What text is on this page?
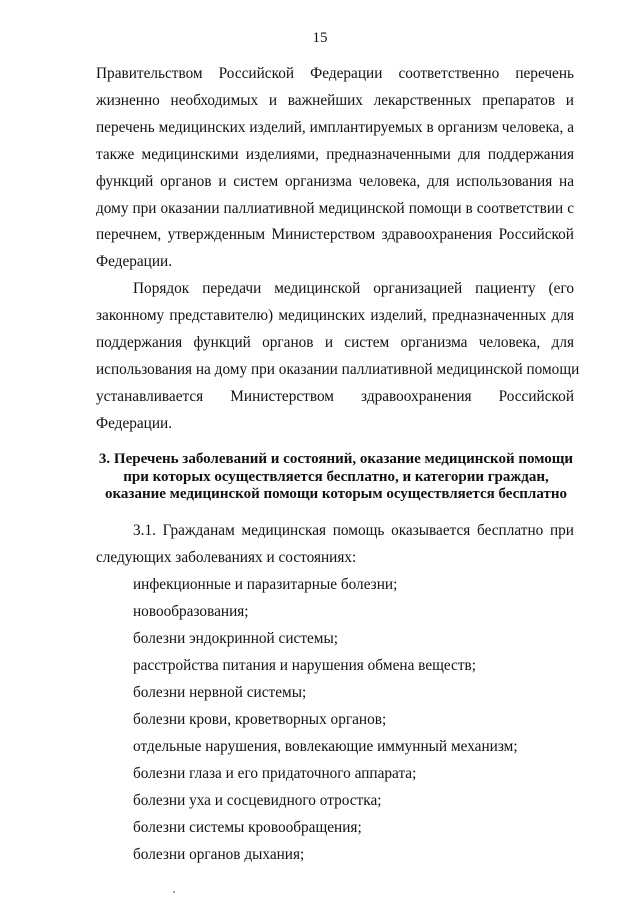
15
Правительством Российской Федерации соответственно перечень
жизненно необходимых и важнейших лекарственных препаратов и
перечень медицинских изделий, имплантируемых в организм человека, а
также медицинскими изделиями, предназначенными для поддержания
функций органов и систем организма человека, для использования на
дому при оказании паллиативной медицинской помощи в соответствии с
перечнем, утвержденным Министерством здравоохранения Российской
Федерации.
Порядок передачи медицинской организацией пациенту (его
законному представителю) медицинских изделий, предназначенных для
поддержания функций органов и систем организма человека, для
использования на дому при оказании паллиативной медицинской помощи
устанавливается Министерством здравоохранения Российской
Федерации.
3. Перечень заболеваний и состояний, оказание медицинской помощи
при которых осуществляется бесплатно, и категории граждан,
оказание медицинской помощи которым осуществляется бесплатно
3.1. Гражданам медицинская помощь оказывается бесплатно при
следующих заболеваниях и состояниях:
инфекционные и паразитарные болезни;
новообразования;
болезни эндокринной системы;
расстройства питания и нарушения обмена веществ;
болезни нервной системы;
болезни крови, кроветворных органов;
отдельные нарушения, вовлекающие иммунный механизм;
болезни глаза и его придаточного аппарата;
болезни уха и сосцевидного отростка;
болезни системы кровообращения;
болезни органов дыхания;
